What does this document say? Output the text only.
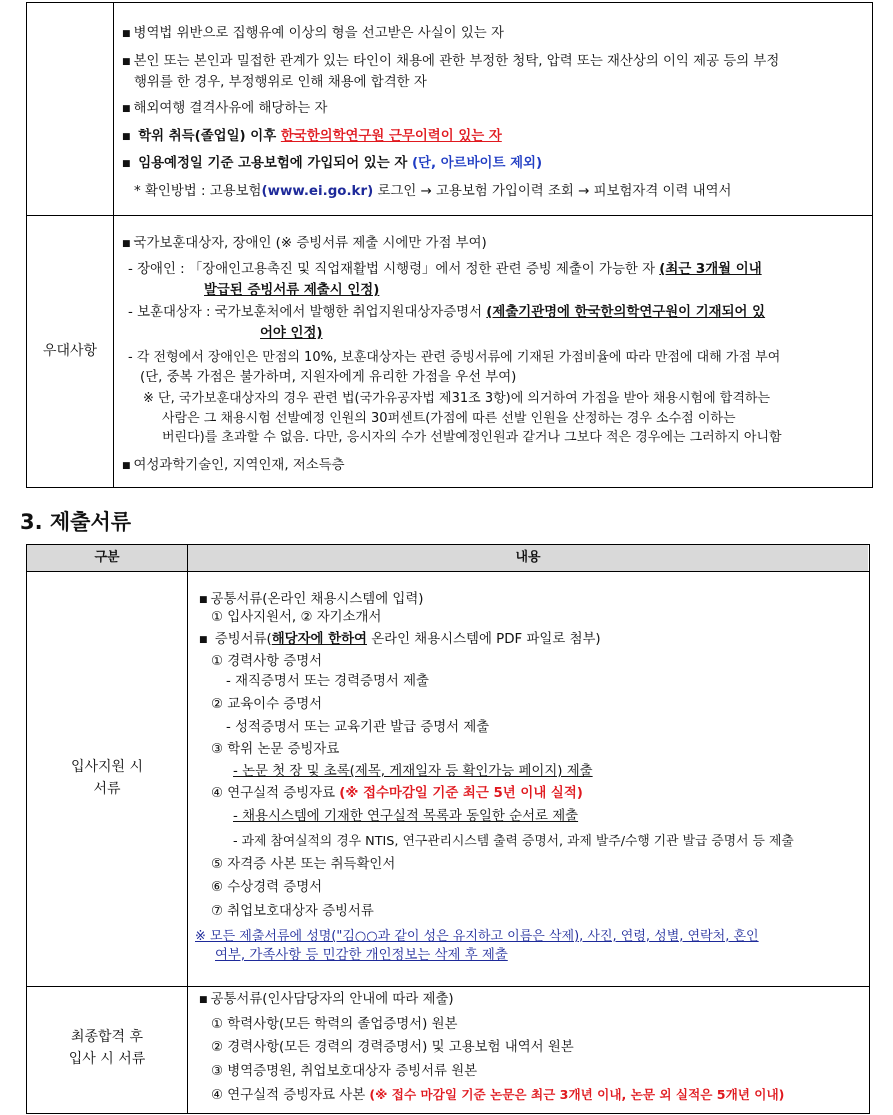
■ 병역법 위반으로 집행유예 이상의 형을 선고받은 사실이 있는 자
■ 본인 또는 본인과 밀접한 관계가 있는 타인이 채용에 관한 부정한 청탁, 압력 또는 재산상의 이익 제공 등의 부정
행위를 한 경우, 부정행위로 인해 채용에 합격한 자
■ 해외여행 결격사유에 해당하는 자
■ 학위 취득(졸업일) 이후 한국한의학연구원 근무이력이 있는 자
■ 임용예정일 기준 고용보험에 가입되어 있는 자 (단, 아르바이트 제외)
* 확인방법 : 고용보험(www.ei.go.kr) 로그인 → 고용보험 가입이력 조회 → 피보험자격 이력 내역서
우대사항
■ 국가보훈대상자, 장애인 (※ 증빙서류 제출 시에만 가점 부여)
- 장애인 : 「장애인고용촉진 및 직업재활법 시행령」에서 정한 관련 증빙 제출이 가능한 자 (최근 3개월 이내
발급된 증빙서류 제출시 인정)
- 보훈대상자 : 국가보훈처에서 발행한 취업지원대상자증명서 (제출기관명에 한국한의학연구원이 기재되어 있
어야 인정)
- 각 전형에서 장애인은 만점의 10%, 보훈대상자는 관련 증빙서류에 기재된 가점비율에 따라 만점에 대해 가점 부여
(단, 중복 가점은 불가하며, 지원자에게 유리한 가점을 우선 부여)
※ 단, 국가보훈대상자의 경우 관련 법(국가유공자법 제31조 3항)에 의거하여 가점을 받아 채용시험에 합격하는
사람은 그 채용시험 선발예정 인원의 30퍼센트(가점에 따른 선발 인원을 산정하는 경우 소수점 이하는
버린다)를 초과할 수 없음. 다만, 응시자의 수가 선발예정인원과 같거나 그보다 적은 경우에는 그러하지 아니함
■ 여성과학기술인, 지역인재, 저소득층
3. 제출서류
구분	내용
입사지원 시
서류
■ 공통서류(온라인 채용시스템에 입력)
① 입사지원서, ② 자기소개서
■ 증빙서류(해당자에 한하여 온라인 채용시스템에 PDF 파일로 첨부)
① 경력사항 증명서
- 재직증명서 또는 경력증명서 제출
② 교육이수 증명서
- 성적증명서 또는 교육기관 발급 증명서 제출
③ 학위 논문 증빙자료
- 논문 첫 장 및 초록(제목, 게재일자 등 확인가능 페이지) 제출
④ 연구실적 증빙자료 (※ 접수마감일 기준 최근 5년 이내 실적)
- 채용시스템에 기재한 연구실적 목록과 동일한 순서로 제출
- 과제 참여실적의 경우 NTIS, 연구관리시스템 출력 증명서, 과제 발주/수행 기관 발급 증명서 등 제출
⑤ 자격증 사본 또는 취득확인서
⑥ 수상경력 증명서
⑦ 취업보호대상자 증빙서류
※ 모든 제출서류에 성명("김○○과 같이 성은 유지하고 이름은 삭제), 사진, 연령, 성별, 연락처, 혼인
여부, 가족사항 등 민감한 개인정보는 삭제 후 제출
최종합격 후
입사 시 서류
■ 공통서류(인사담당자의 안내에 따라 제출)
① 학력사항(모든 학력의 졸업증명서) 원본
② 경력사항(모든 경력의 경력증명서) 및 고용보험 내역서 원본
③ 병역증명원, 취업보호대상자 증빙서류 원본
④ 연구실적 증빙자료 사본 (※ 접수 마감일 기준 논문은 최근 3개년 이내, 논문 외 실적은 5개년 이내)
